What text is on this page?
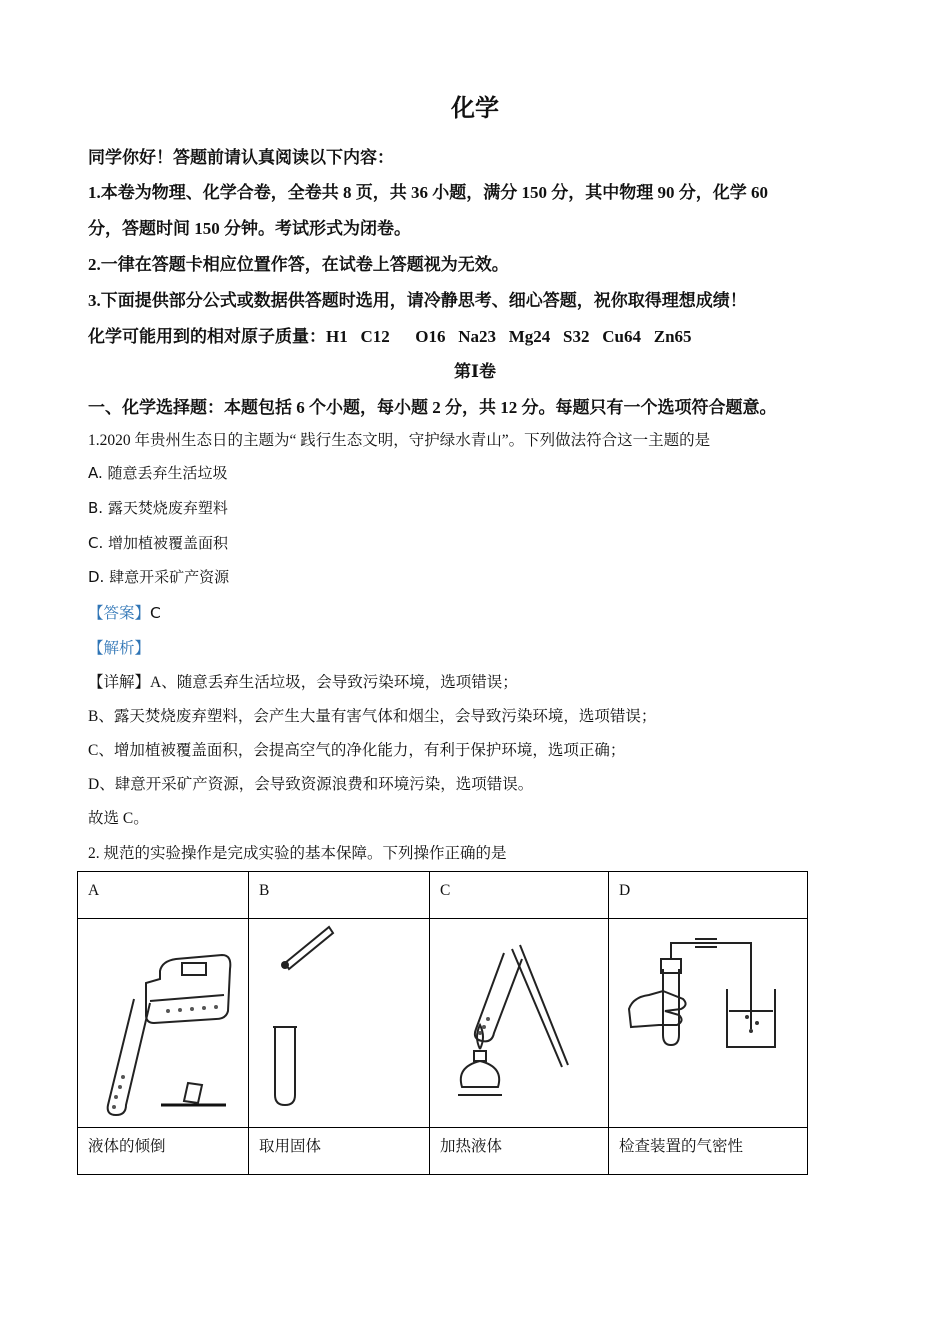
化学
同学你好！答题前请认真阅读以下内容：
1.本卷为物理、化学合卷，全卷共 8 页，共 36 小题，满分 150 分，其中物理 90 分，化学 60
分，答题时间 150 分钟。考试形式为闭卷。
2.一律在答题卡相应位置作答，在试卷上答题视为无效。
3.下面提供部分公式或数据供答题时选用，请冷静思考、细心答题，祝你取得理想成绩！
化学可能用到的相对原子质量：H1   C12      O16   Na23   Mg24   S32   Cu64   Zn65
第Ⅰ卷
一、化学选择题：本题包括 6 个小题，每小题 2 分，共 12 分。每题只有一个选项符合题意。
1.2020 年贵州生态日的主题为“ 践行生态文明，守护绿水青山”。下列做法符合这一主题的是
A. 随意丢弃生活垃圾
B. 露天焚烧废弃塑料
C. 增加植被覆盖面积
D. 肆意开采矿产资源
【答案】C
【解析】
【详解】A、随意丢弃生活垃圾，会导致污染环境，选项错误；
B、露天焚烧废弃塑料，会产生大量有害气体和烟尘，会导致污染环境，选项错误；
C、增加植被覆盖面积，会提高空气的净化能力，有利于保护环境，选项正确；
D、肆意开采矿产资源，会导致资源浪费和环境污染，选项错误。
故选 C。
2. 规范的实验操作是完成实验的基本保障。下列操作正确的是
A	B	C	D

液体的倾倒	取用固体	加热液体	检查装置的气密性
